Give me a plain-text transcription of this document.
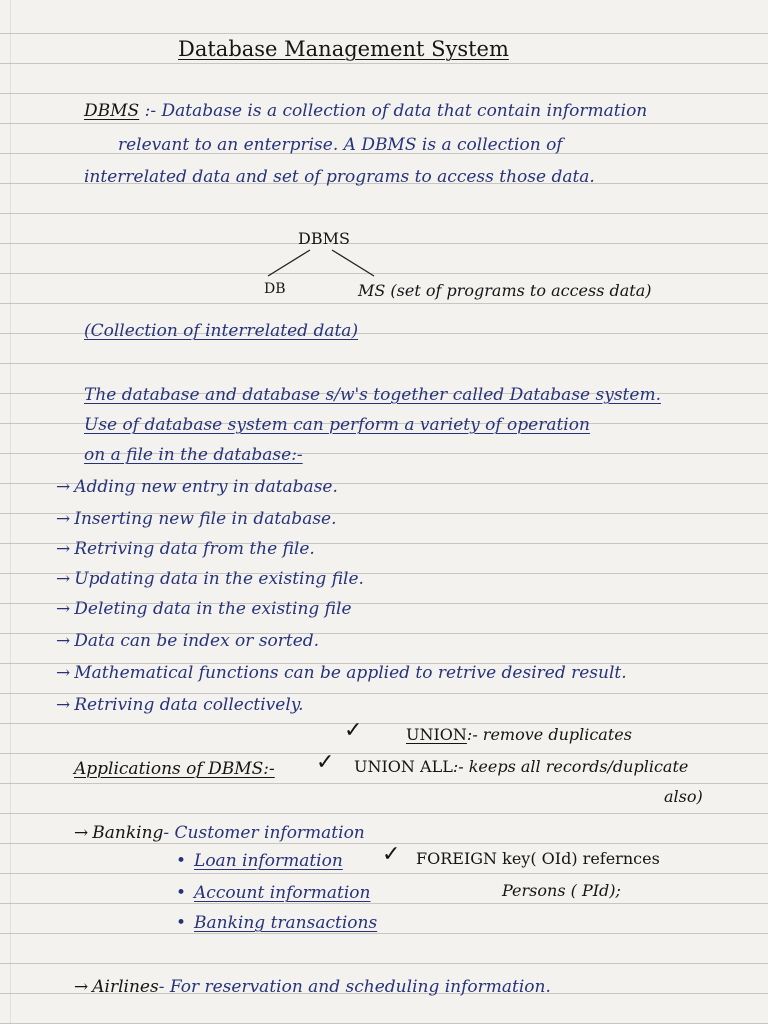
Database Management System
DBMS :- Database is a collection of data that contain information
relevant to an enterprise. A DBMS is a collection of
interrelated data and set of programs to access those data.
DBMS
DB	MS (set of programs to access data)
(Collection of interrelated data)
The database and database s/w's together called Database system.
Use of database system can perform a variety of operation
on a file in the database:-
→ Adding new entry in database.
→ Inserting new file in database.
→ Retriving data from the file.
→ Updating data in the existing file.
→ Deleting data in the existing file
→ Data can be index or sorted.
→ Mathematical functions can be applied to retrive desired result.
→ Retriving data collectively.
✓	UNION:- remove duplicates
Applications of DBMS:- ✓ UNION ALL:- keeps all records/duplicate
also)
→ Banking- Customer information
• Loan information
• Account information
• Banking transactions
✓ FOREIGN key( OId) refernces
Persons ( PId);
→ Airlines- For reservation and scheduling information.
